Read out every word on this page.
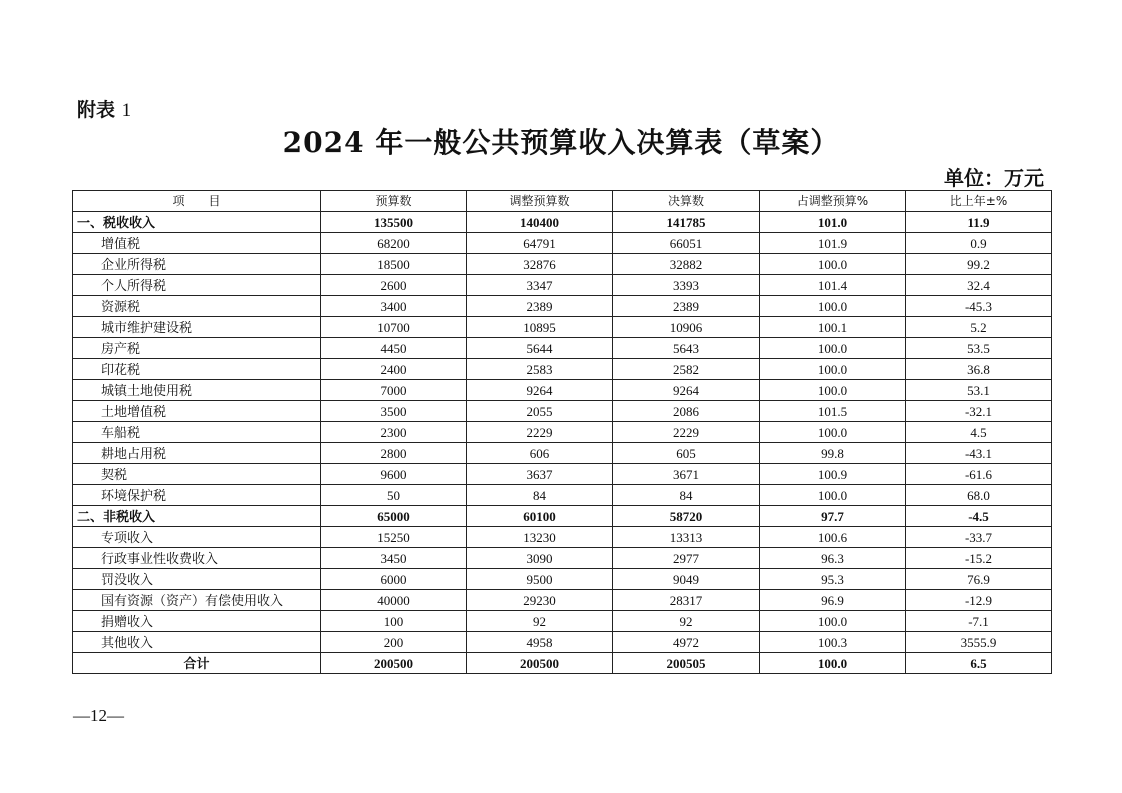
附表 1
2024 年一般公共预算收入决算表（草案）
单位：万元
项　　目	预算数	调整预算数	决算数	占调整预算%	比上年±%
一、税收收入	135500	140400	141785	101.0	11.9
增值税	68200	64791	66051	101.9	0.9
企业所得税	18500	32876	32882	100.0	99.2
个人所得税	2600	3347	3393	101.4	32.4
资源税	3400	2389	2389	100.0	-45.3
城市维护建设税	10700	10895	10906	100.1	5.2
房产税	4450	5644	5643	100.0	53.5
印花税	2400	2583	2582	100.0	36.8
城镇土地使用税	7000	9264	9264	100.0	53.1
土地增值税	3500	2055	2086	101.5	-32.1
车船税	2300	2229	2229	100.0	4.5
耕地占用税	2800	606	605	99.8	-43.1
契税	9600	3637	3671	100.9	-61.6
环境保护税	50	84	84	100.0	68.0
二、非税收入	65000	60100	58720	97.7	-4.5
专项收入	15250	13230	13313	100.6	-33.7
行政事业性收费收入	3450	3090	2977	96.3	-15.2
罚没收入	6000	9500	9049	95.3	76.9
国有资源（资产）有偿使用收入	40000	29230	28317	96.9	-12.9
捐赠收入	100	92	92	100.0	-7.1
其他收入	200	4958	4972	100.3	3555.9
合计	200500	200500	200505	100.0	6.5
—12—
